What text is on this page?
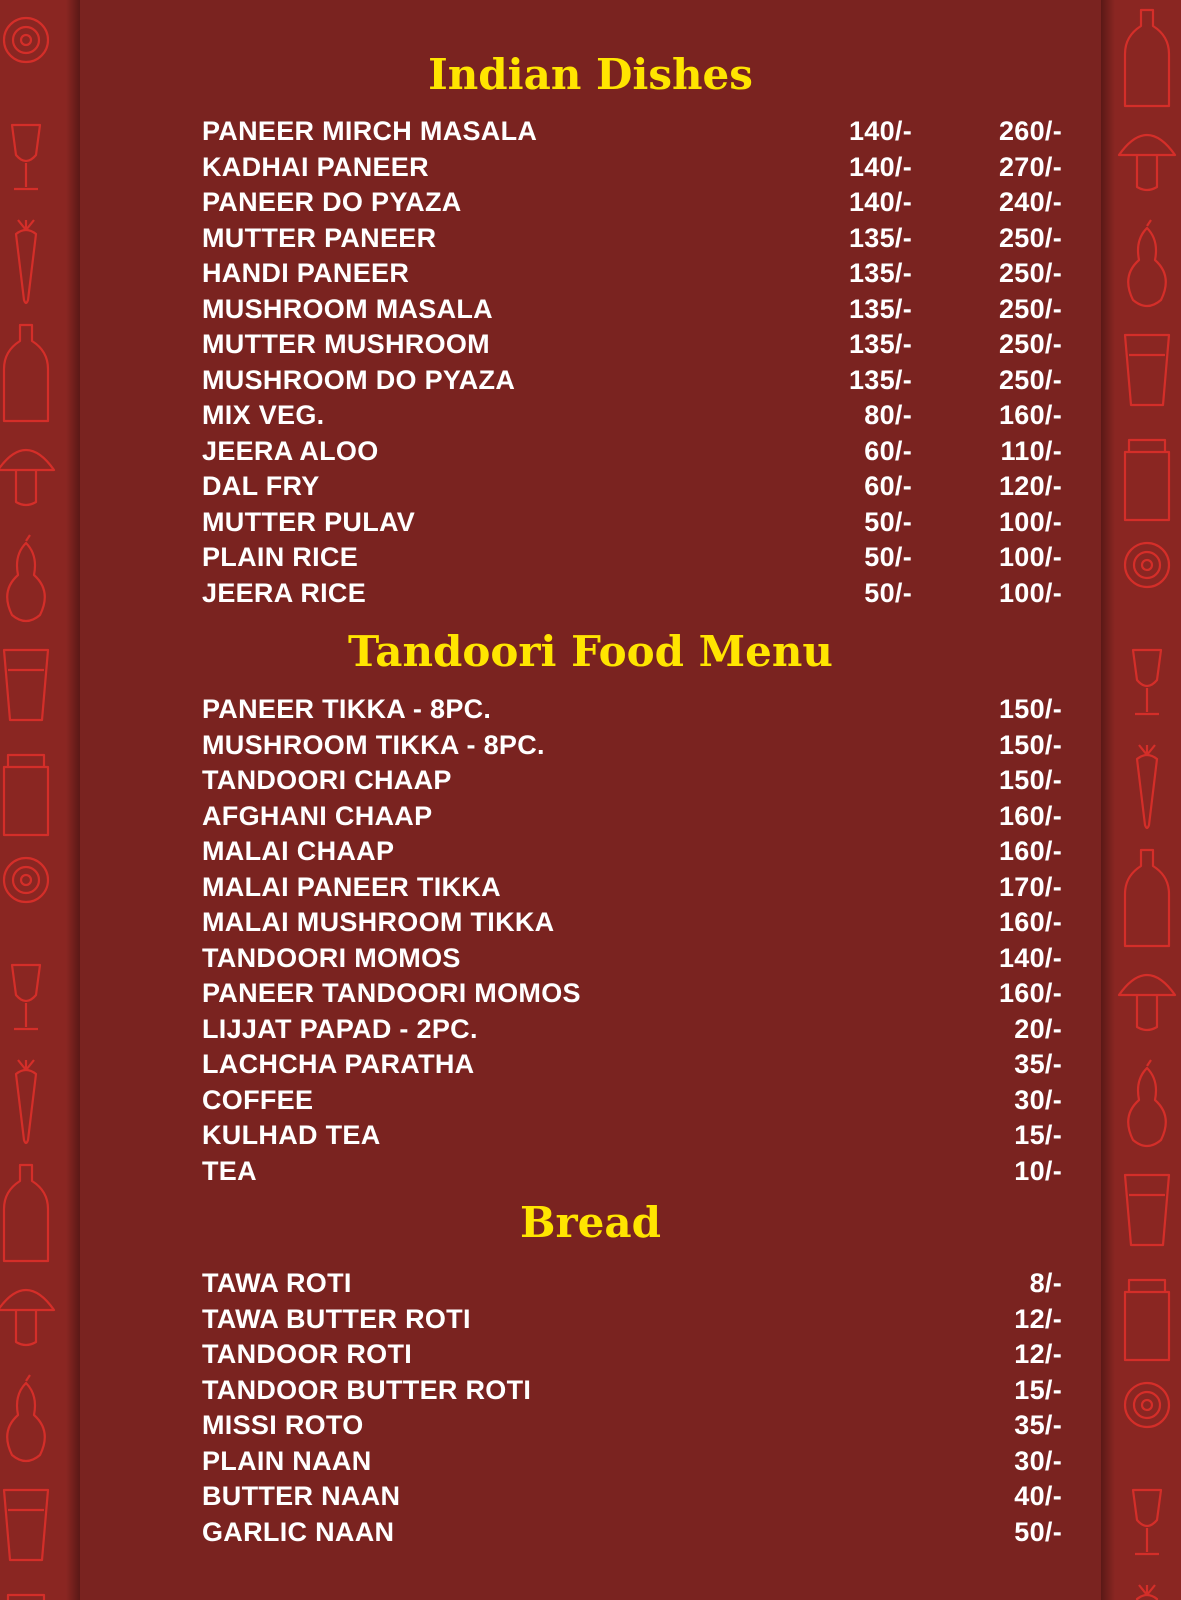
Indian Dishes
PANEER MIRCH MASALA	140/-	260/-
KADHAI PANEER	140/-	270/-
PANEER DO PYAZA	140/-	240/-
MUTTER PANEER	135/-	250/-
HANDI PANEER	135/-	250/-
MUSHROOM MASALA	135/-	250/-
MUTTER MUSHROOM	135/-	250/-
MUSHROOM DO PYAZA	135/-	250/-
MIX VEG.	80/-	160/-
JEERA ALOO	60/-	110/-
DAL FRY	60/-	120/-
MUTTER PULAV	50/-	100/-
PLAIN RICE	50/-	100/-
JEERA RICE	50/-	100/-
Tandoori Food Menu
PANEER TIKKA - 8PC.	150/-
MUSHROOM TIKKA - 8PC.	150/-
TANDOORI CHAAP	150/-
AFGHANI CHAAP	160/-
MALAI CHAAP	160/-
MALAI PANEER TIKKA	170/-
MALAI MUSHROOM TIKKA	160/-
TANDOORI MOMOS	140/-
PANEER TANDOORI MOMOS	160/-
LIJJAT PAPAD - 2PC.	20/-
LACHCHA PARATHA	35/-
COFFEE	30/-
KULHAD TEA	15/-
TEA	10/-
Bread
TAWA ROTI	8/-
TAWA BUTTER ROTI	12/-
TANDOOR ROTI	12/-
TANDOOR BUTTER ROTI	15/-
MISSI ROTO	35/-
PLAIN NAAN	30/-
BUTTER NAAN	40/-
GARLIC NAAN	50/-
